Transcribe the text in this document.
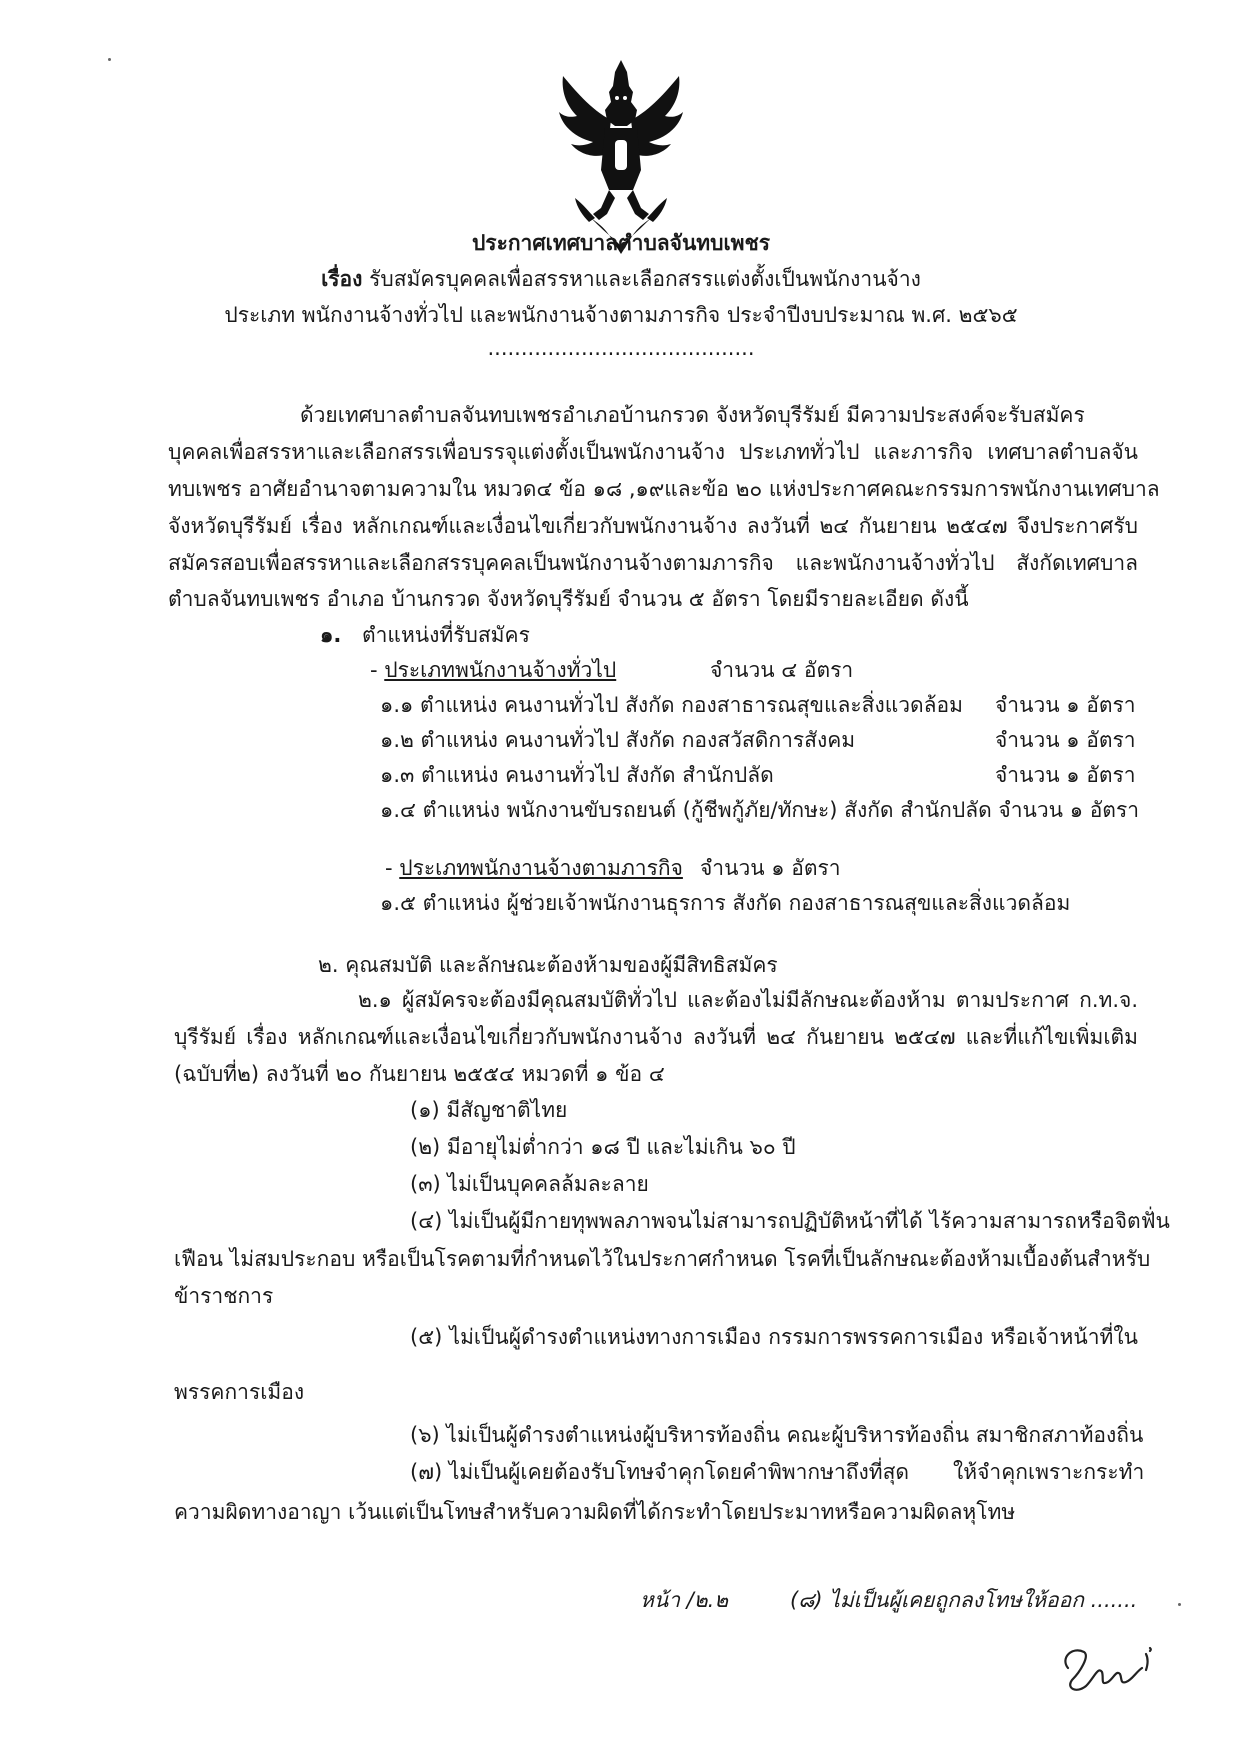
ประกาศเทศบาลตำบลจันทบเพชร
เรื่อง รับสมัครบุคคลเพื่อสรรหาและเลือกสรรแต่งตั้งเป็นพนักงานจ้าง
ประเภท พนักงานจ้างทั่วไป และพนักงานจ้างตามภารกิจ ประจำปีงบประมาณ พ.ศ. ๒๕๖๕
........................................
ด้วยเทศบาลตำบลจันทบเพชรอำเภอบ้านกรวด จังหวัดบุรีรัมย์ มีความประสงค์จะรับสมัคร
บุคคลเพื่อสรรหาและเลือกสรรเพื่อบรรจุแต่งตั้งเป็นพนักงานจ้าง ประเภททั่วไป และภารกิจ เทศบาลตำบลจัน
ทบเพชร อาศัยอำนาจตามความใน หมวด๔ ข้อ ๑๘ ,๑๙และข้อ ๒๐ แห่งประกาศคณะกรรมการพนักงานเทศบาล
จังหวัดบุรีรัมย์ เรื่อง หลักเกณฑ์และเงื่อนไขเกี่ยวกับพนักงานจ้าง ลงวันที่ ๒๔ กันยายน ๒๕๔๗ จึงประกาศรับ
สมัครสอบเพื่อสรรหาและเลือกสรรบุคคลเป็นพนักงานจ้างตามภารกิจ และพนักงานจ้างทั่วไป สังกัดเทศบาล
ตำบลจันทบเพชร อำเภอ บ้านกรวด จังหวัดบุรีรัมย์ จำนวน ๕ อัตรา โดยมีรายละเอียด ดังนี้
๑. ตำแหน่งที่รับสมัคร
- ประเภทพนักงานจ้างทั่วไป	จำนวน ๔ อัตรา
๑.๑ ตำแหน่ง คนงานทั่วไป สังกัด กองสาธารณสุขและสิ่งแวดล้อม จำนวน ๑ อัตรา
๑.๒ ตำแหน่ง คนงานทั่วไป สังกัด กองสวัสดิการสังคม	จำนวน ๑ อัตรา
๑.๓ ตำแหน่ง คนงานทั่วไป สังกัด สำนักปลัด	จำนวน ๑ อัตรา
๑.๔ ตำแหน่ง พนักงานขับรถยนต์ (กู้ชีพกู้ภัย/ทักษะ) สังกัด สำนักปลัด จำนวน ๑ อัตรา
- ประเภทพนักงานจ้างตามภารกิจ จำนวน ๑ อัตรา
๑.๕ ตำแหน่ง ผู้ช่วยเจ้าพนักงานธุรการ สังกัด กองสาธารณสุขและสิ่งแวดล้อม
๒. คุณสมบัติ และลักษณะต้องห้ามของผู้มีสิทธิสมัคร
๒.๑ ผู้สมัครจะต้องมีคุณสมบัติทั่วไป และต้องไม่มีลักษณะต้องห้าม ตามประกาศ ก.ท.จ.
บุรีรัมย์ เรื่อง หลักเกณฑ์และเงื่อนไขเกี่ยวกับพนักงานจ้าง ลงวันที่ ๒๔ กันยายน ๒๕๔๗ และที่แก้ไขเพิ่มเติม
(ฉบับที่๒) ลงวันที่ ๒๐ กันยายน ๒๕๕๔ หมวดที่ ๑ ข้อ ๔
(๑) มีสัญชาติไทย
(๒) มีอายุไม่ต่ำกว่า ๑๘ ปี และไม่เกิน ๖๐ ปี
(๓) ไม่เป็นบุคคลล้มละลาย
(๔) ไม่เป็นผู้มีกายทุพพลภาพจนไม่สามารถปฏิบัติหน้าที่ได้ ไร้ความสามารถหรือจิตฟั่น
เฟือน ไม่สมประกอบ หรือเป็นโรคตามที่กำหนดไว้ในประกาศกำหนด โรคที่เป็นลักษณะต้องห้ามเบื้องต้นสำหรับ
ข้าราชการ
(๕) ไม่เป็นผู้ดำรงตำแหน่งทางการเมือง กรรมการพรรคการเมือง หรือเจ้าหน้าที่ใน
พรรคการเมือง
(๖) ไม่เป็นผู้ดำรงตำแหน่งผู้บริหารท้องถิ่น คณะผู้บริหารท้องถิ่น สมาชิกสภาท้องถิ่น
(๗) ไม่เป็นผู้เคยต้องรับโทษจำคุกโดยคำพิพากษาถึงที่สุด ให้จำคุกเพราะกระทำ
ความผิดทางอาญา เว้นแต่เป็นโทษสำหรับความผิดที่ได้กระทำโดยประมาทหรือความผิดลหุโทษ
หน้า /๒.๒	(๘) ไม่เป็นผู้เคยถูกลงโทษให้ออก .......
